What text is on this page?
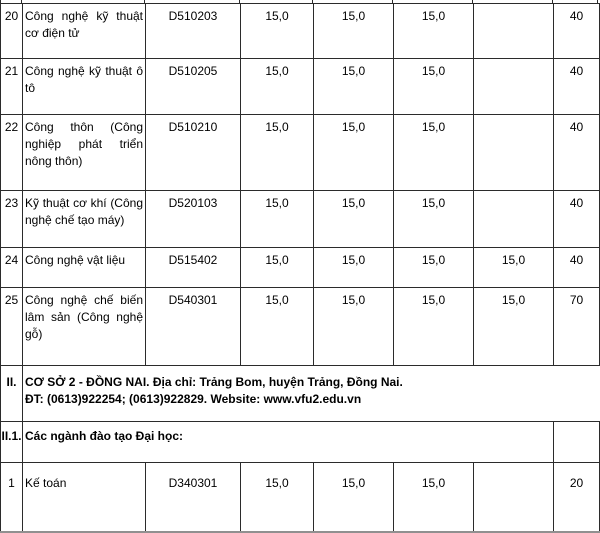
20	Công nghệ kỹ thuật cơ điện tử	D510203	15,0	15,0	15,0		40
21	Công nghệ kỹ thuật ô tô	D510205	15,0	15,0	15,0		40
22	Công thôn (Công nghiệp phát triển nông thôn)	D510210	15,0	15,0	15,0		40
23	Kỹ thuật cơ khí (Công nghệ chế tạo máy)	D520103	15,0	15,0	15,0		40
24	Công nghệ vật liệu	D515402	15,0	15,0	15,0	15,0	40
25	Công nghệ chế biến lâm sản (Công nghệ gỗ)	D540301	15,0	15,0	15,0	15,0	70
II.	CƠ SỞ 2 - ĐỒNG NAI. Địa chỉ: Trảng Bom, huyện Trảng, Đồng Nai.
ĐT: (0613)922254; (0613)922829. Website: www.vfu2.edu.vn						

II.1.	Các ngành đào tạo Đại học:						
1	Kế toán	D340301	15,0	15,0	15,0		20
